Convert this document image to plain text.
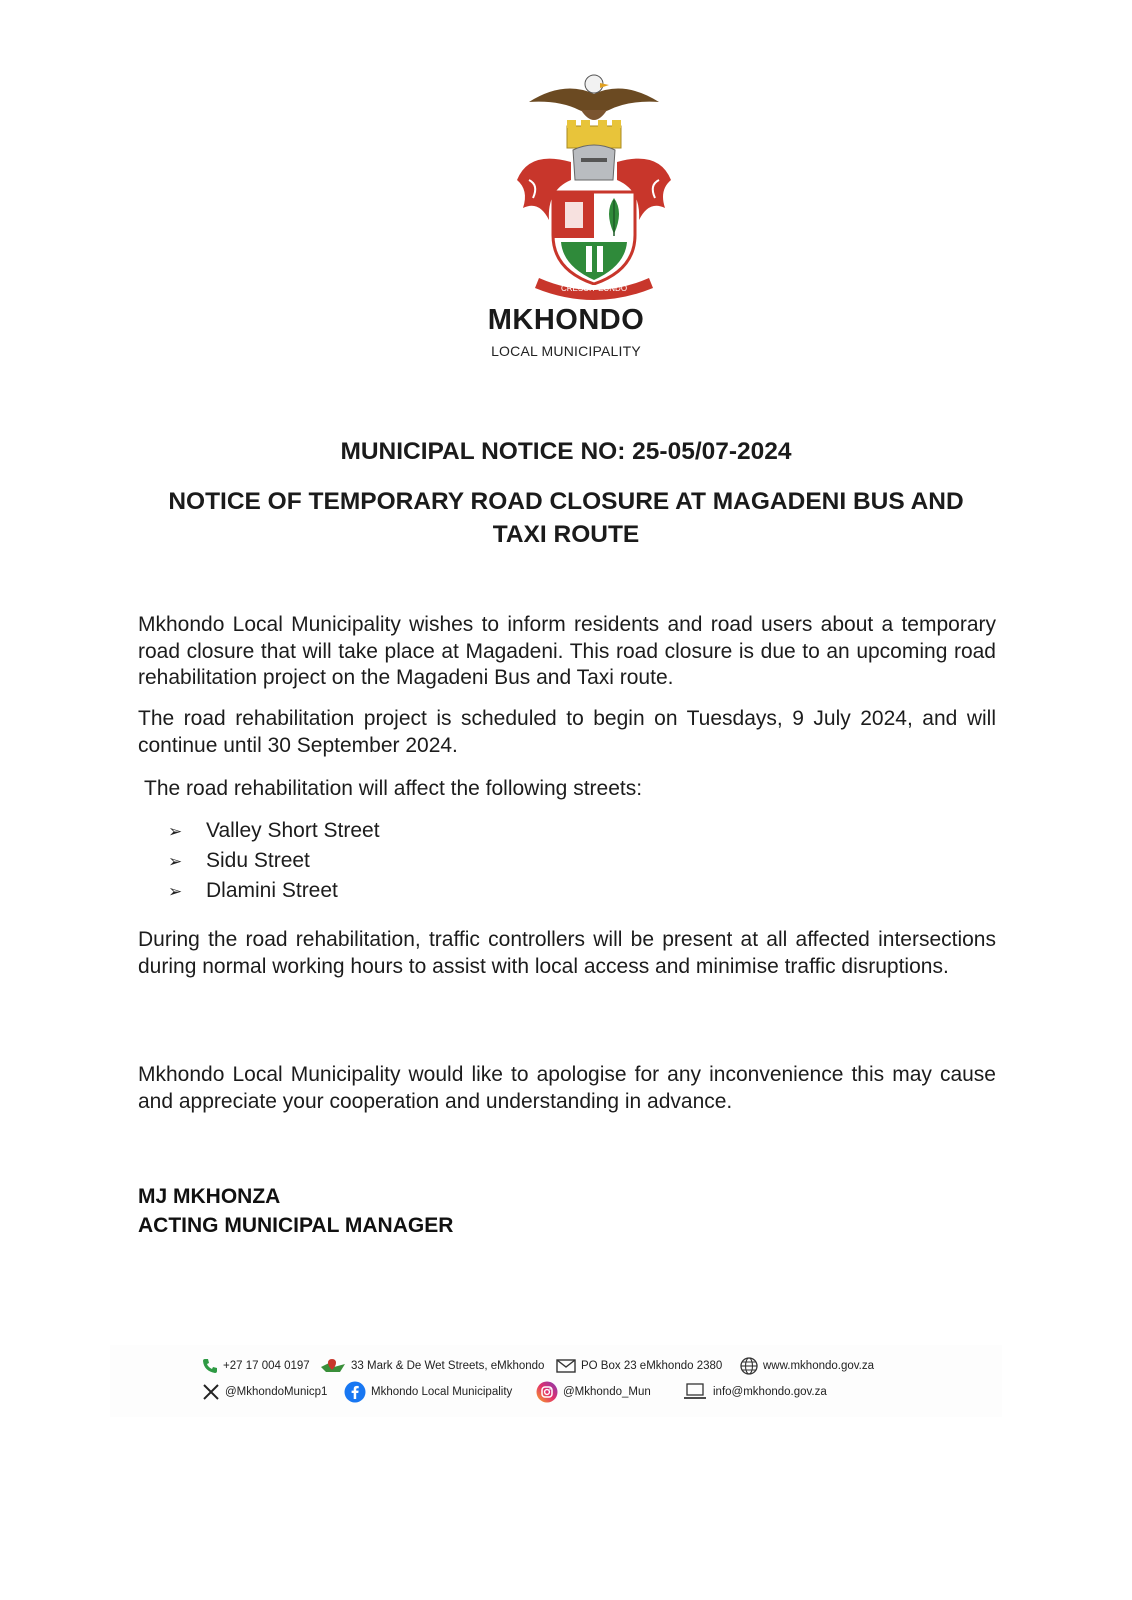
CRESCIT EUNDO
MKHONDO
LOCAL MUNICIPALITY
MUNICIPAL NOTICE NO: 25-05/07-2024
NOTICE OF TEMPORARY ROAD CLOSURE AT MAGADENI BUS AND TAXI ROUTE
Mkhondo Local Municipality wishes to inform residents and road users about a temporary road closure that will take place at Magadeni. This road closure is due to an upcoming road rehabilitation project on the Magadeni Bus and Taxi route.
The road rehabilitation project is scheduled to begin on Tuesdays, 9 July 2024, and will continue until 30 September 2024.
The road rehabilitation will affect the following streets:
➢ Valley Short Street
➢ Sidu Street
➢ Dlamini Street
During the road rehabilitation, traffic controllers will be present at all affected intersections during normal working hours to assist with local access and minimise traffic disruptions.
Mkhondo Local Municipality would like to apologise for any inconvenience this may cause and appreciate your cooperation and understanding in advance.
MJ MKHONZA
ACTING MUNICIPAL MANAGER
+27 17 004 0197	33 Mark & De Wet Streets, eMkhondo	PO Box 23 eMkhondo 2380	www.mkhondo.gov.za
@MkhondoMunicp1	Mkhondo Local Municipality	@Mkhondo_Mun	info@mkhondo.gov.za
